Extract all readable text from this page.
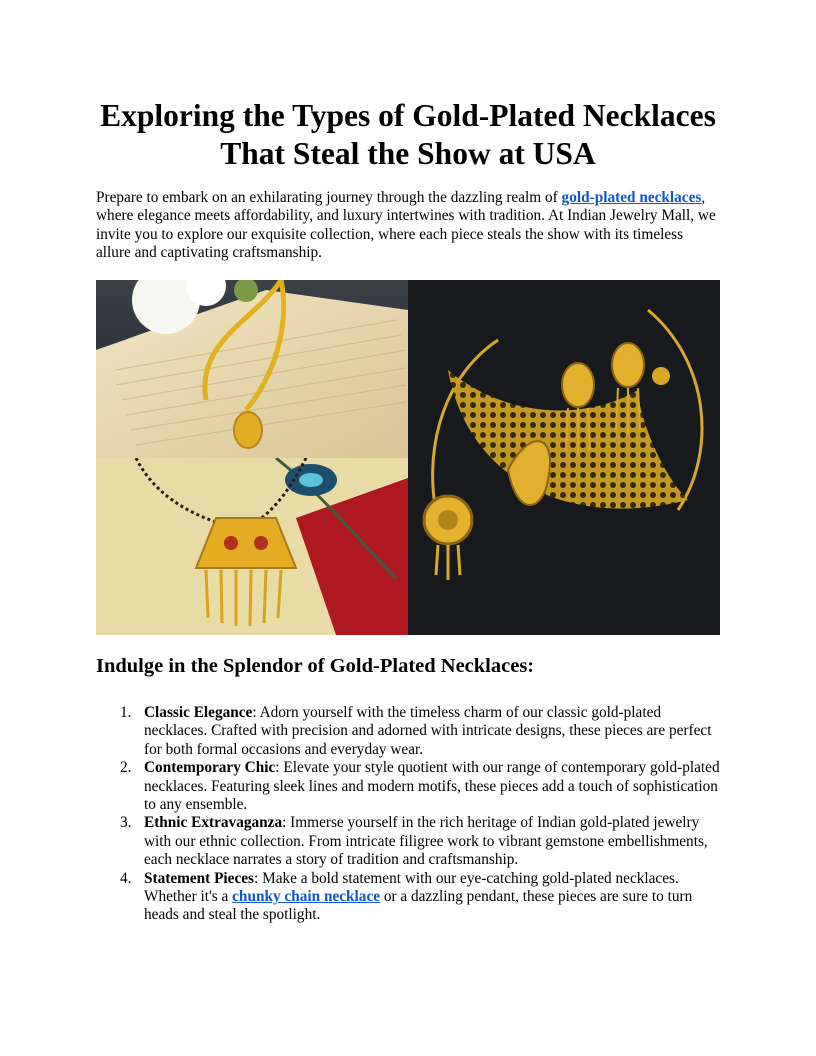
Exploring the Types of Gold-Plated Necklaces That Steal the Show at USA

Prepare to embark on an exhilarating journey through the dazzling realm of gold-plated necklaces, where elegance meets affordability, and luxury intertwines with tradition. At Indian Jewelry Mall, we invite you to explore our exquisite collection, where each piece steals the show with its timeless allure and captivating craftsmanship.

Indulge in the Splendor of Gold-Plated Necklaces:
1. Classic Elegance: Adorn yourself with the timeless charm of our classic gold-plated necklaces. Crafted with precision and adorned with intricate designs, these pieces are perfect for both formal occasions and everyday wear.
2. Contemporary Chic: Elevate your style quotient with our range of contemporary gold-plated necklaces. Featuring sleek lines and modern motifs, these pieces add a touch of sophistication to any ensemble.
3. Ethnic Extravaganza: Immerse yourself in the rich heritage of Indian gold-plated jewelry with our ethnic collection. From intricate filigree work to vibrant gemstone embellishments, each necklace narrates a story of tradition and craftsmanship.
4. Statement Pieces: Make a bold statement with our eye-catching gold-plated necklaces. Whether it's a chunky chain necklace or a dazzling pendant, these pieces are sure to turn heads and steal the spotlight.
